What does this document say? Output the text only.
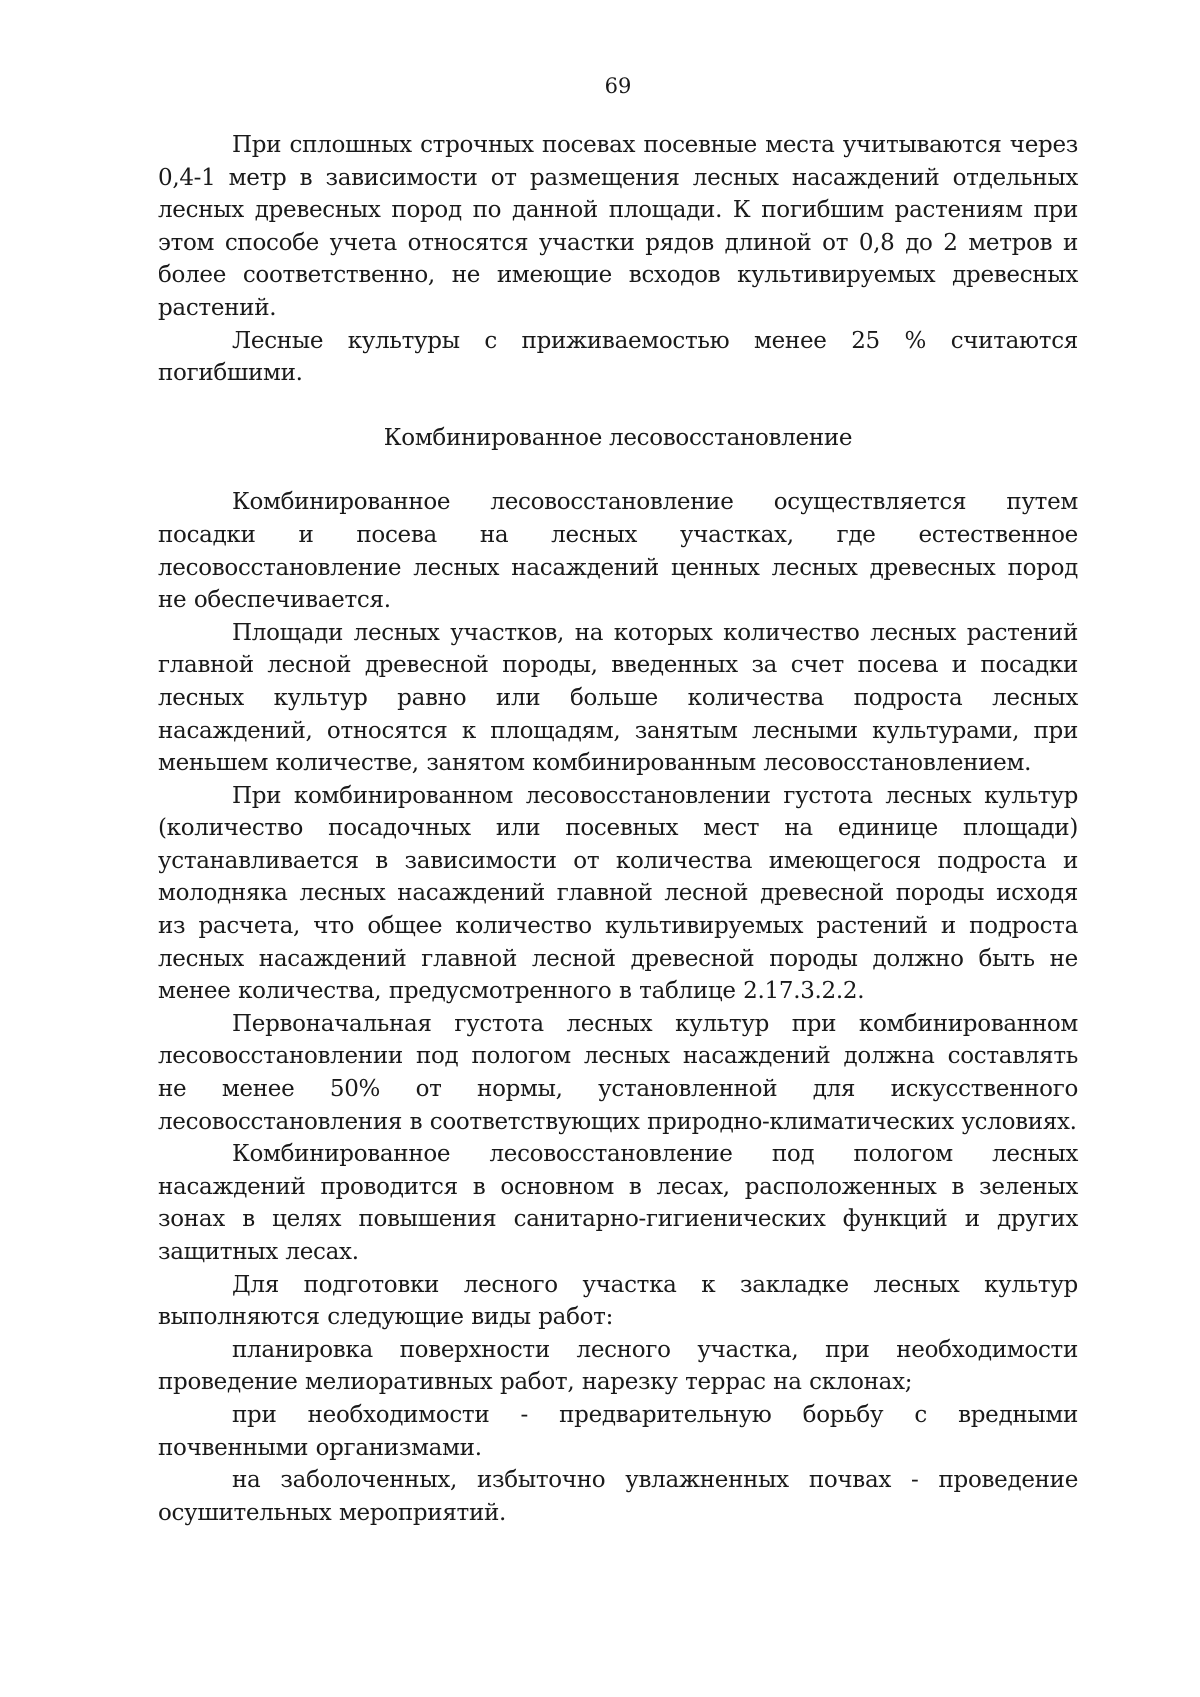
69

При сплошных строчных посевах посевные места учитываются через 0,4-1 метр в зависимости от размещения лесных насаждений отдельных лесных древесных пород по данной площади. К погибшим растениям при этом способе учета относятся участки рядов длиной от 0,8 до 2 метров и более соответственно, не имеющие всходов культивируемых древесных растений.

Лесные культуры с приживаемостью менее 25 % считаются погибшими.

Комбинированное лесовосстановление

Комбинированное лесовосстановление осуществляется путем посадки и посева на лесных участках, где естественное лесовосстановление лесных насаждений ценных лесных древесных пород не обеспечивается.

Площади лесных участков, на которых количество лесных растений главной лесной древесной породы, введенных за счет посева и посадки лесных культур равно или больше количества подроста лесных насаждений, относятся к площадям, занятым лесными культурами, при меньшем количестве, занятом комбинированным лесовосстановлением.

При комбинированном лесовосстановлении густота лесных культур (количество посадочных или посевных мест на единице площади) устанавливается в зависимости от количества имеющегося подроста и молодняка лесных насаждений главной лесной древесной породы исходя из расчета, что общее количество культивируемых растений и подроста лесных насаждений главной лесной древесной породы должно быть не менее количества, предусмотренного в таблице 2.17.3.2.2.

Первоначальная густота лесных культур при комбинированном лесовосстановлении под пологом лесных насаждений должна составлять не менее 50% от нормы, установленной для искусственного лесовосстановления в соответствующих природно-климатических условиях.

Комбинированное лесовосстановление под пологом лесных насаждений проводится в основном в лесах, расположенных в зеленых зонах в целях повышения санитарно-гигиенических функций и других защитных лесах.

Для подготовки лесного участка к закладке лесных культур выполняются следующие виды работ:

планировка поверхности лесного участка, при необходимости проведение мелиоративных работ, нарезку террас на склонах;

при необходимости - предварительную борьбу с вредными почвенными организмами.

на заболоченных, избыточно увлажненных почвах - проведение осушительных мероприятий.
